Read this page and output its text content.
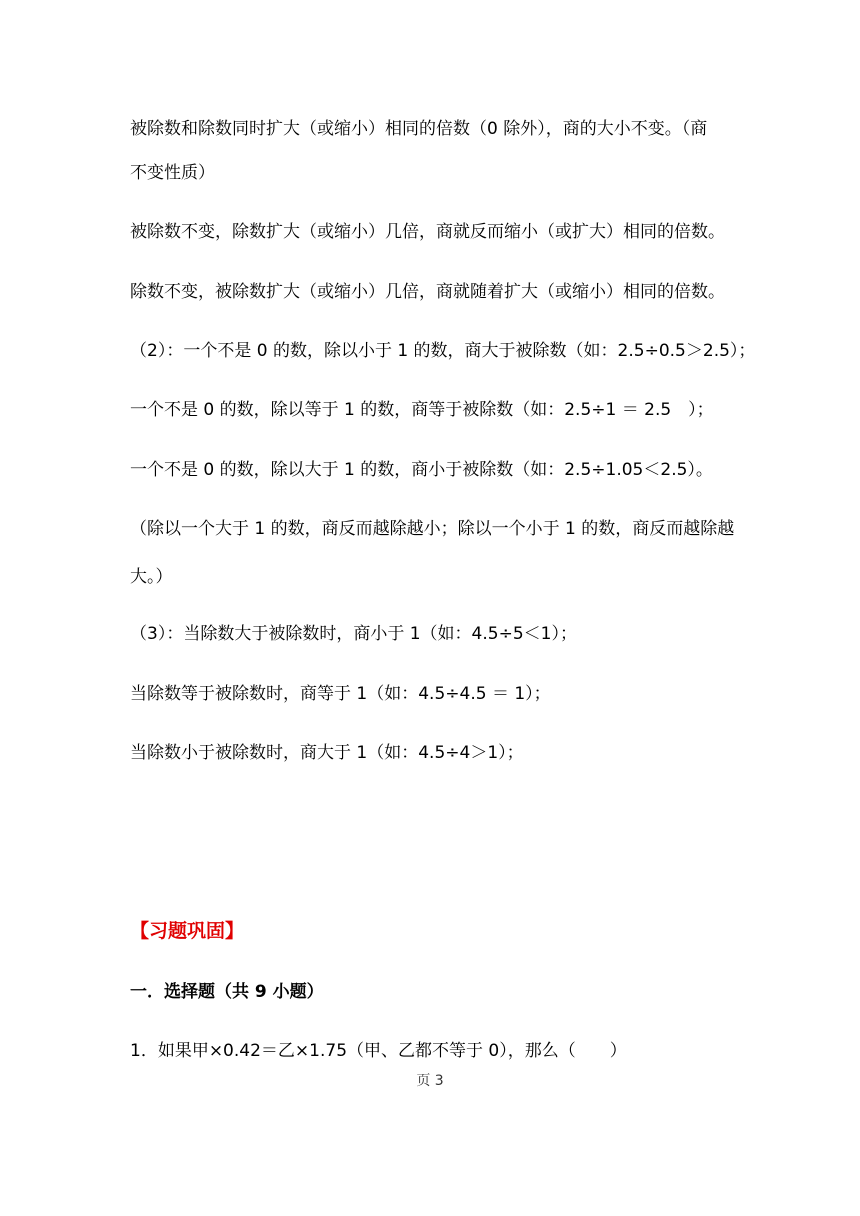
被除数和除数同时扩大（或缩小）相同的倍数（0 除外），商的大小不变。（商
不变性质）
被除数不变，除数扩大（或缩小）几倍，商就反而缩小（或扩大）相同的倍数。
除数不变，被除数扩大（或缩小）几倍，商就随着扩大（或缩小）相同的倍数。
（2）：一个不是 0 的数，除以小于 1 的数，商大于被除数（如：2.5÷0.5＞2.5）；
一个不是 0 的数，除以等于 1 的数，商等于被除数（如：2.5÷1 ＝ 2.5　）；
一个不是 0 的数，除以大于 1 的数，商小于被除数（如：2.5÷1.05＜2.5）。
（除以一个大于 1 的数，商反而越除越小；除以一个小于 1 的数，商反而越除越
大。）
（3）：当除数大于被除数时，商小于 1（如：4.5÷5＜1）；
当除数等于被除数时，商等于 1（如：4.5÷4.5 ＝ 1）；
当除数小于被除数时，商大于 1（如：4.5÷4＞1）；
【习题巩固】
一．选择题（共 9 小题）
1．如果甲×0.42＝乙×1.75（甲、乙都不等于 0），那么（　　）
页 3
